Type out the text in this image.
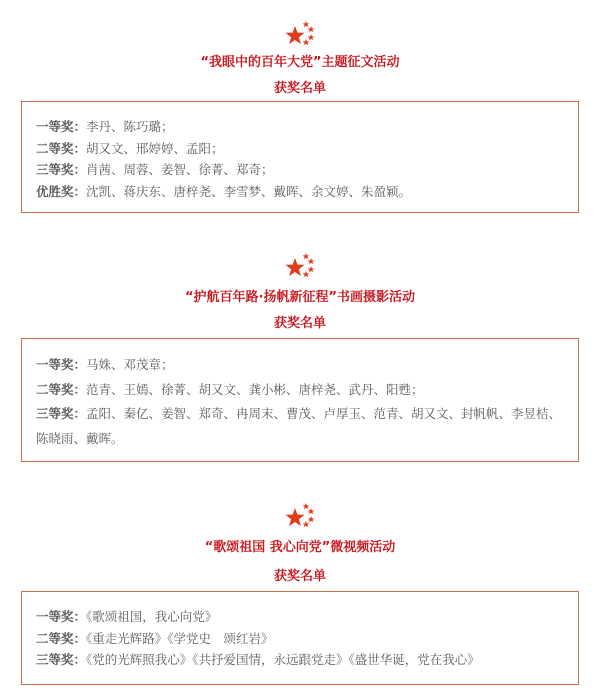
“我眼中的百年大党”主题征文活动
获奖名单
一等奖：李丹、陈巧璐；
二等奖：胡又文、邢婷婷、孟阳；
三等奖：肖茜、周蓉、姜智、徐菁、郑奇；
优胜奖：沈凯、蒋庆东、唐梓尧、李雪梦、戴晖、余文婷、朱盈颖。
“护航百年路·扬帆新征程”书画摄影活动
获奖名单
一等奖：马姝、邓茂章；
二等奖：范青、王嫣、徐菁、胡又文、龚小彬、唐梓尧、武丹、阳甦；
三等奖：孟阳、秦亿、姜智、郑奇、冉周末、曹茂、卢厚玉、范青、胡又文、封帆帆、李昱桔、陈晓雨、戴晖。
“歌颂祖国 我心向党”微视频活动
获奖名单
一等奖：《歌颂祖国，我心向党》
二等奖：《重走光辉路》《学党史　颂红岩》
三等奖：《党的光辉照我心》《共抒爱国情，永远跟党走》《盛世华诞，党在我心》
